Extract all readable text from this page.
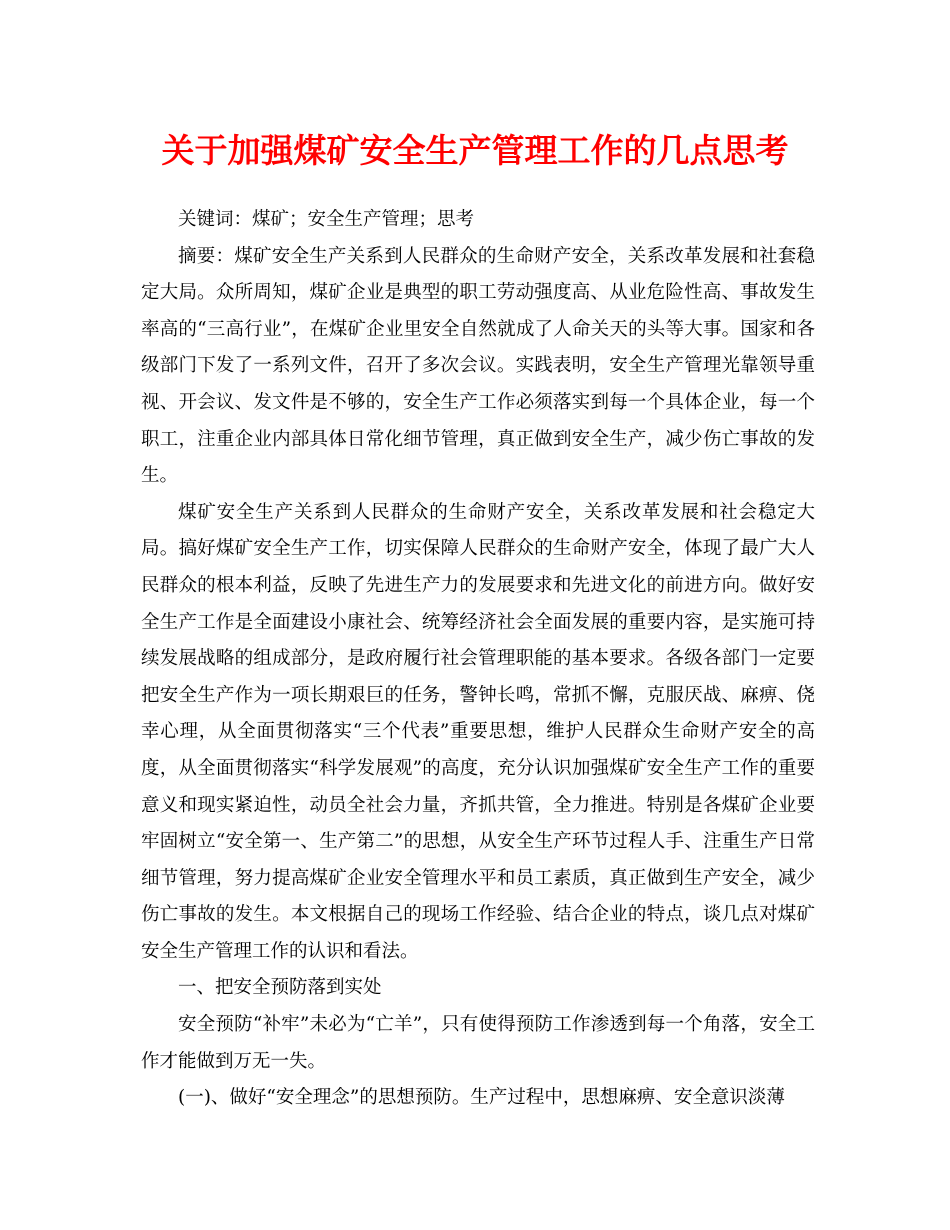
关于加强煤矿安全生产管理工作的几点思考

关键词：煤矿；安全生产管理；思考

摘要：煤矿安全生产关系到人民群众的生命财产安全，关系改革发展和社套稳定大局。众所周知，煤矿企业是典型的职工劳动强度高、从业危险性高、事故发生率高的“三高行业”，在煤矿企业里安全自然就成了人命关天的头等大事。国家和各级部门下发了一系列文件，召开了多次会议。实践表明，安全生产管理光靠领导重视、开会议、发文件是不够的，安全生产工作必须落实到每一个具体企业，每一个职工，注重企业内部具体日常化细节管理，真正做到安全生产，减少伤亡事故的发生。

煤矿安全生产关系到人民群众的生命财产安全，关系改革发展和社会稳定大局。搞好煤矿安全生产工作，切实保障人民群众的生命财产安全，体现了最广大人民群众的根本利益，反映了先进生产力的发展要求和先进文化的前进方向。做好安全生产工作是全面建设小康社会、统筹经济社会全面发展的重要内容，是实施可持续发展战略的组成部分，是政府履行社会管理职能的基本要求。各级各部门一定要把安全生产作为一项长期艰巨的任务，警钟长鸣，常抓不懈，克服厌战、麻痹、侥幸心理，从全面贯彻落实“三个代表”重要思想，维护人民群众生命财产安全的高度，从全面贯彻落实“科学发展观”的高度，充分认识加强煤矿安全生产工作的重要意义和现实紧迫性，动员全社会力量，齐抓共管，全力推进。特别是各煤矿企业要牢固树立“安全第一、生产第二”的思想，从安全生产环节过程人手、注重生产日常细节管理，努力提高煤矿企业安全管理水平和员工素质，真正做到生产安全，减少伤亡事故的发生。本文根据自己的现场工作经验、结合企业的特点，谈几点对煤矿安全生产管理工作的认识和看法。

一、把安全预防落到实处

安全预防“补牢”未必为“亡羊”，只有使得预防工作渗透到每一个角落，安全工作才能做到万无一失。

(一)、做好“安全理念”的思想预防。生产过程中，思想麻痹、安全意识淡薄
